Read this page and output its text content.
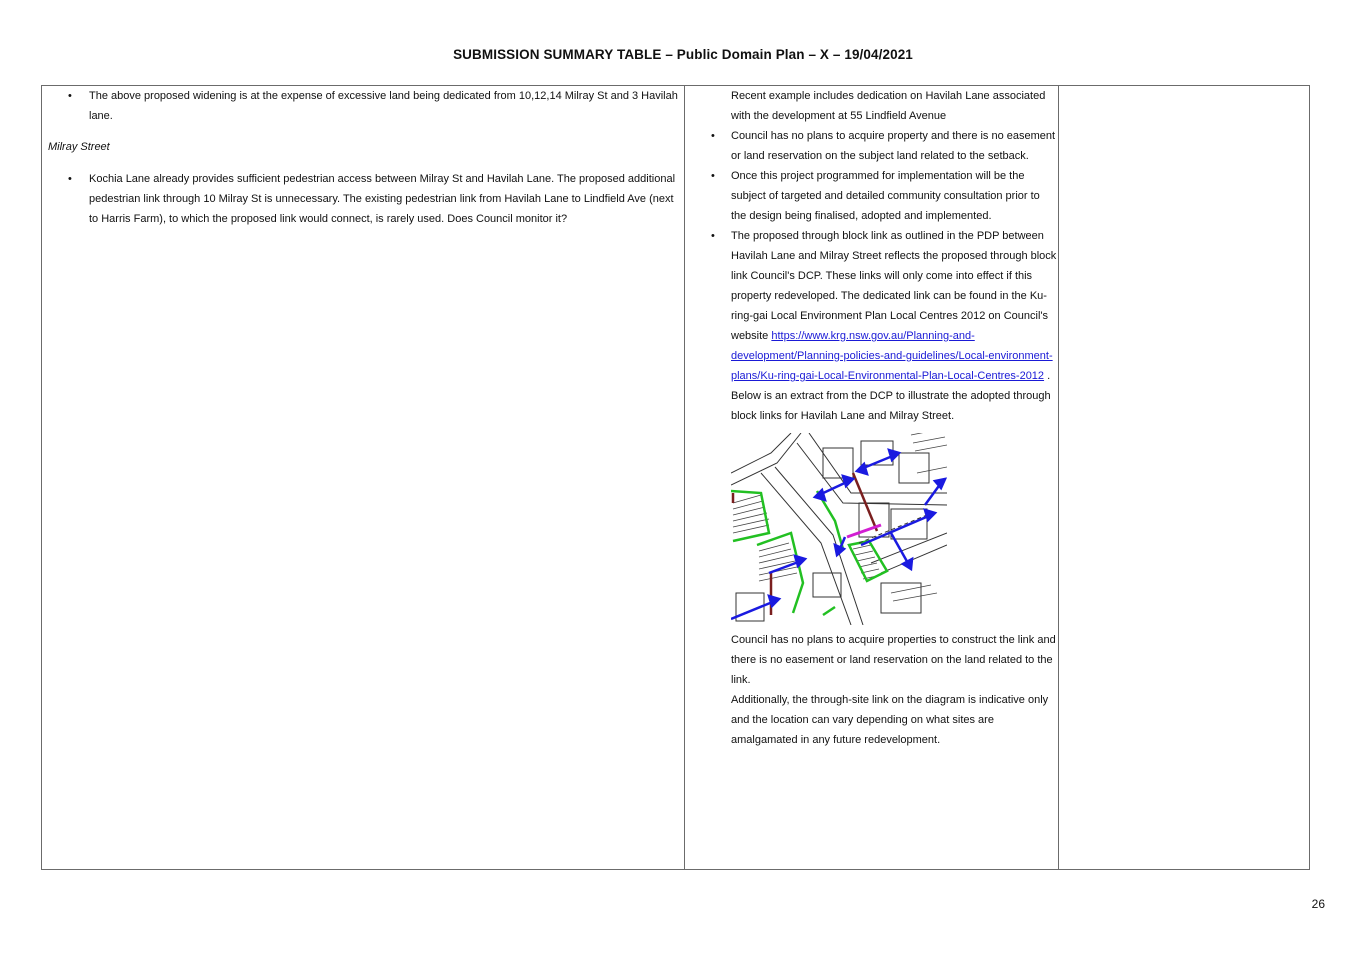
SUBMISSION SUMMARY TABLE – Public Domain Plan – X – 19/04/2021
• The above proposed widening is at the expense of excessive land being dedicated from 10,12,14 Milray St and 3 Havilah lane.
Milray Street
• Kochia Lane already provides sufficient pedestrian access between Milray St and Havilah Lane. The proposed additional pedestrian link through 10 Milray St is unnecessary. The existing pedestrian link from Havilah Lane to Lindfield Ave (next to Harris Farm), to which the proposed link would connect, is rarely used. Does Council monitor it?
Recent example includes dedication on Havilah Lane associated with the development at 55 Lindfield Avenue
• Council has no plans to acquire property and there is no easement or land reservation on the subject land related to the setback.
• Once this project programmed for implementation will be the subject of targeted and detailed community consultation prior to the design being finalised, adopted and implemented.
• The proposed through block link as outlined in the PDP between Havilah Lane and Milray Street reflects the proposed through block link Council's DCP. These links will only come into effect if this property redeveloped. The dedicated link can be found in the Ku-ring-gai Local Environment Plan Local Centres 2012 on Council's website https://www.krg.nsw.gov.au/Planning-and-development/Planning-policies-and-guidelines/Local-environment-plans/Ku-ring-gai-Local-Environmental-Plan-Local-Centres-2012 . Below is an extract from the DCP to illustrate the adopted through block links for Havilah Lane and Milray Street.
Council has no plans to acquire properties to construct the link and there is no easement or land reservation on the land related to the link.
Additionally, the through-site link on the diagram is indicative only and the location can vary depending on what sites are amalgamated in any future redevelopment.
26
